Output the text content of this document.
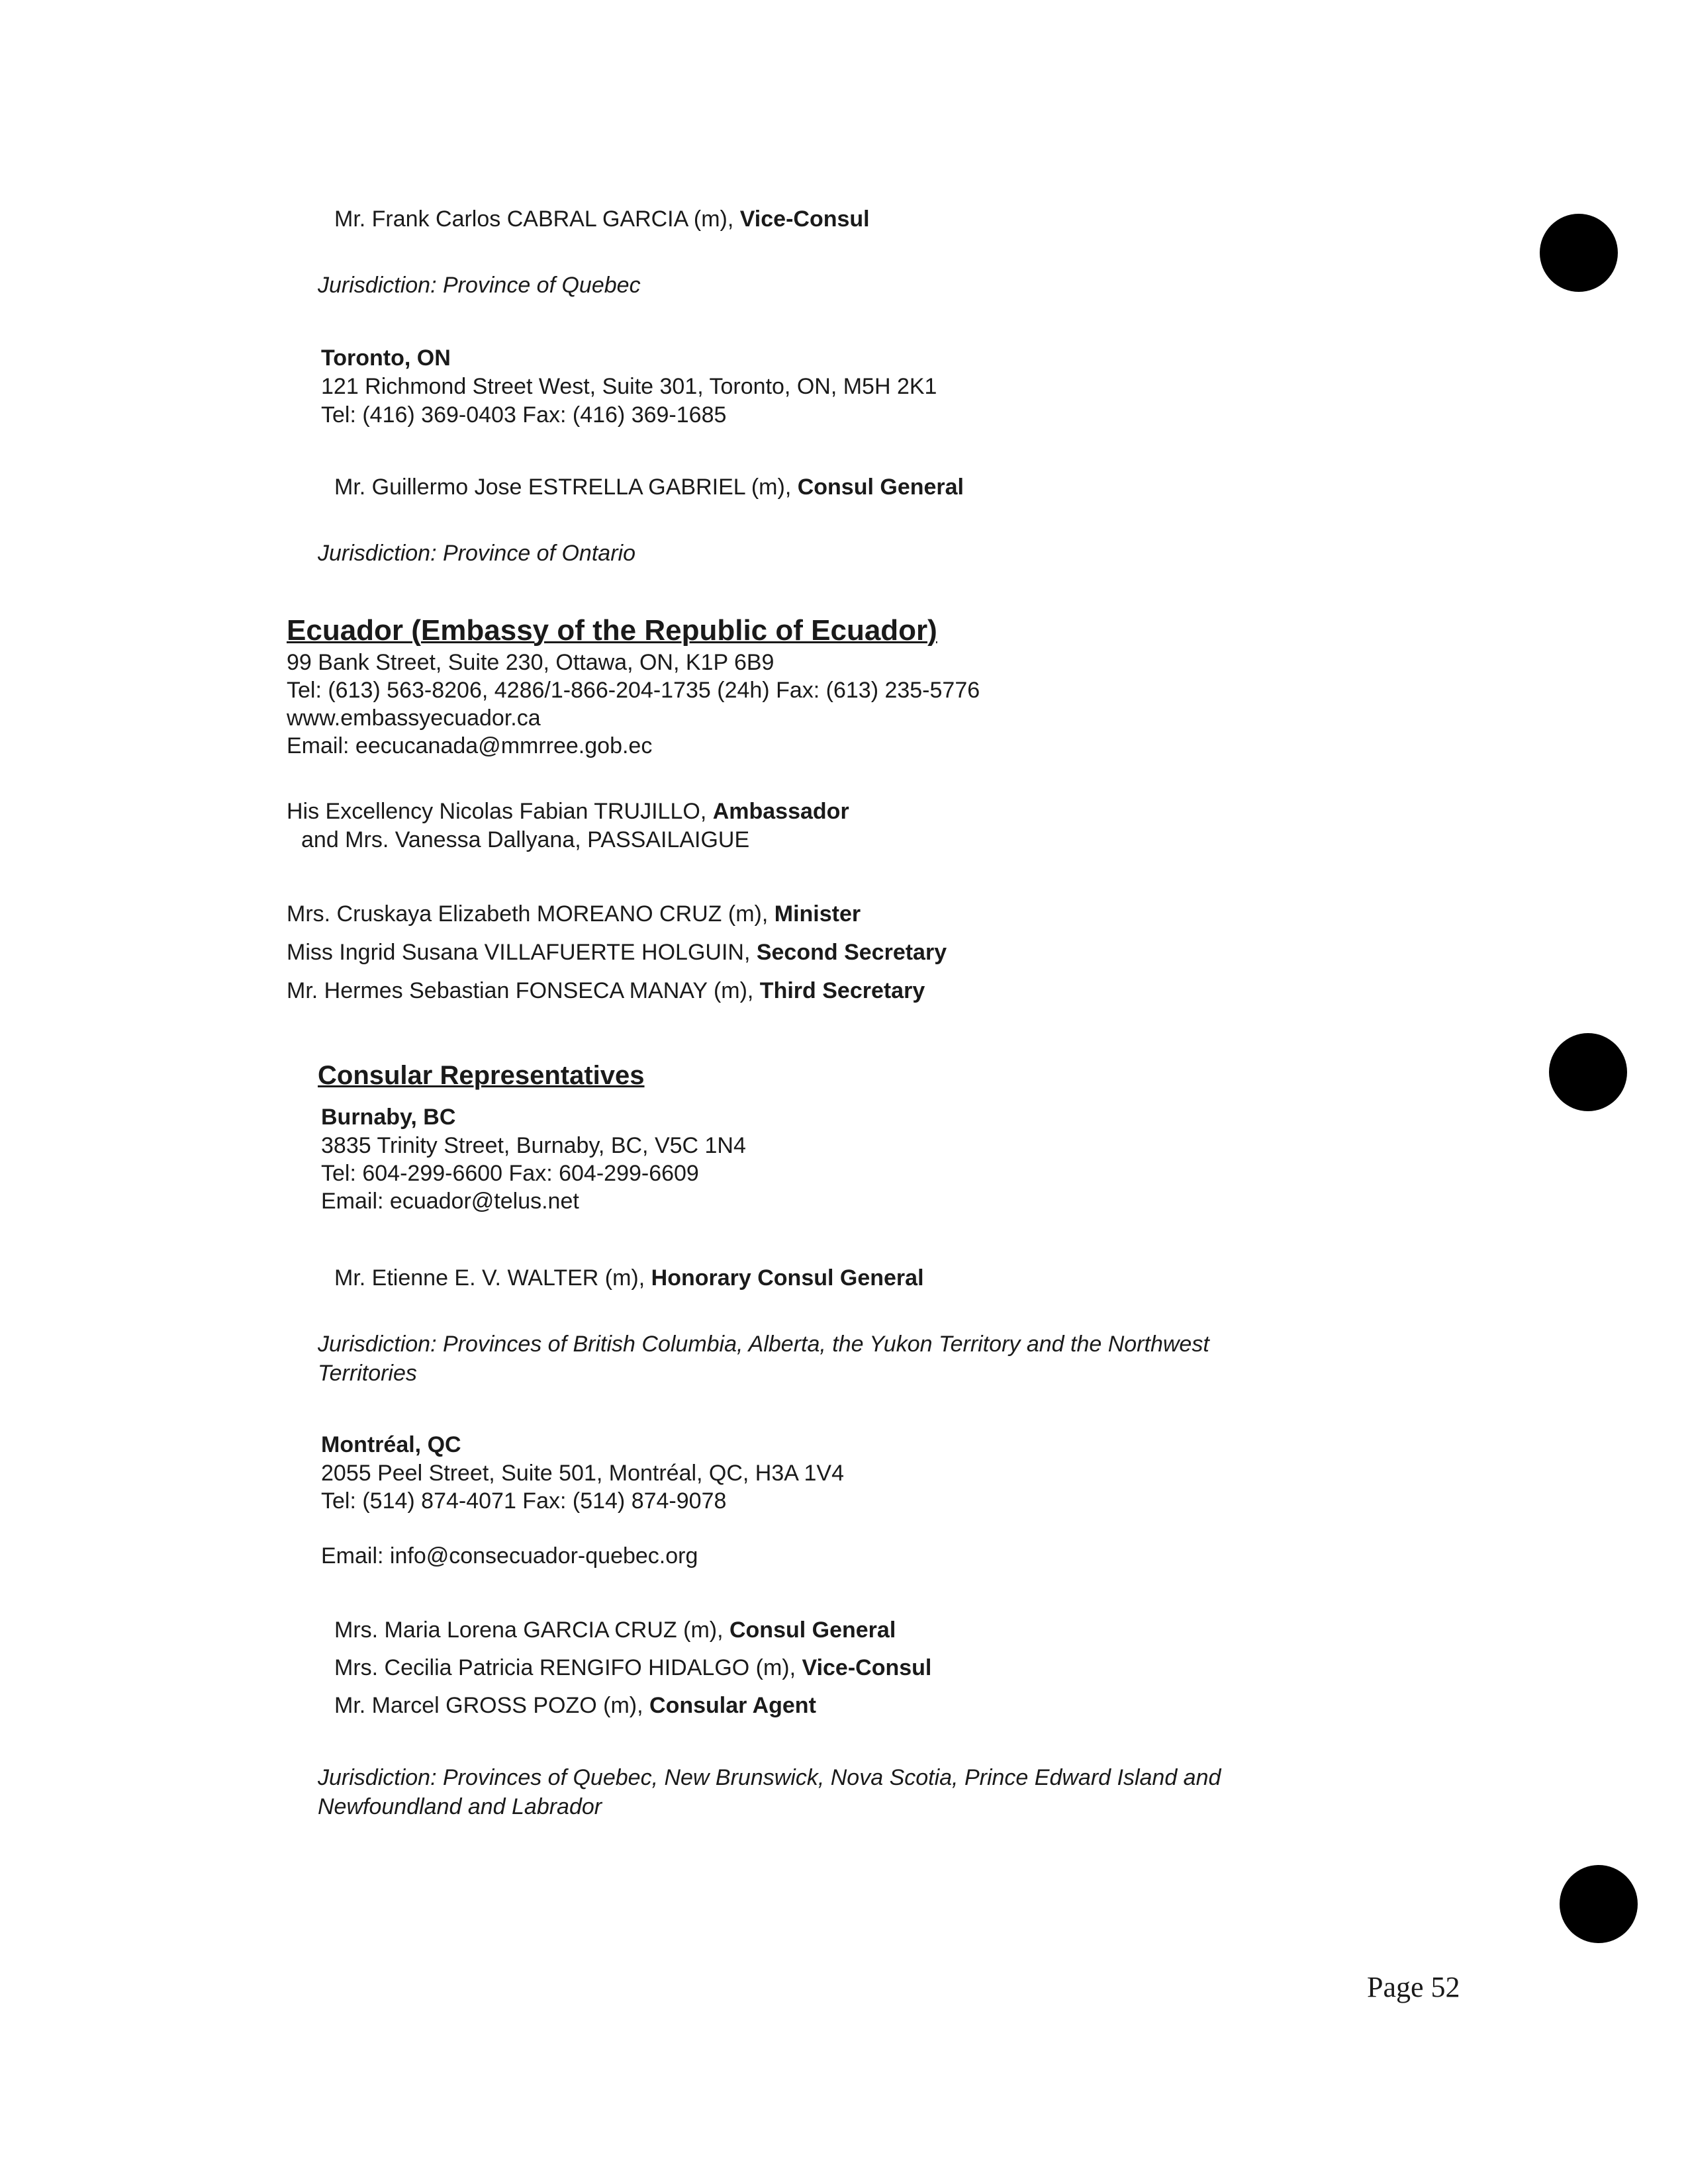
Mr. Frank Carlos CABRAL GARCIA (m), Vice-Consul
Jurisdiction: Province of Quebec
Toronto, ON
121 Richmond Street West, Suite 301, Toronto, ON, M5H 2K1
Tel: (416) 369-0403 Fax: (416) 369-1685
Mr. Guillermo Jose ESTRELLA GABRIEL (m), Consul General
Jurisdiction: Province of Ontario
Ecuador (Embassy of the Republic of Ecuador)
99 Bank Street, Suite 230, Ottawa, ON, K1P 6B9
Tel: (613) 563-8206, 4286/1-866-204-1735 (24h) Fax: (613) 235-5776
www.embassyecuador.ca
Email: eecucanada@mmrree.gob.ec
His Excellency Nicolas Fabian TRUJILLO, Ambassador
and Mrs. Vanessa Dallyana, PASSAILAIGUE
Mrs. Cruskaya Elizabeth MOREANO CRUZ (m), Minister
Miss Ingrid Susana VILLAFUERTE HOLGUIN, Second Secretary
Mr. Hermes Sebastian FONSECA MANAY (m), Third Secretary
Consular Representatives
Burnaby, BC
3835 Trinity Street, Burnaby, BC, V5C 1N4
Tel: 604-299-6600 Fax: 604-299-6609
Email: ecuador@telus.net
Mr. Etienne E. V. WALTER (m), Honorary Consul General
Jurisdiction: Provinces of British Columbia, Alberta, the Yukon Territory and the Northwest
Territories
Montréal, QC
2055 Peel Street, Suite 501, Montréal, QC, H3A 1V4
Tel: (514) 874-4071 Fax: (514) 874-9078
Email: info@consecuador-quebec.org
Mrs. Maria Lorena GARCIA CRUZ (m), Consul General
Mrs. Cecilia Patricia RENGIFO HIDALGO (m), Vice-Consul
Mr. Marcel GROSS POZO (m), Consular Agent
Jurisdiction: Provinces of Quebec, New Brunswick, Nova Scotia, Prince Edward Island and
Newfoundland and Labrador
Page 52
